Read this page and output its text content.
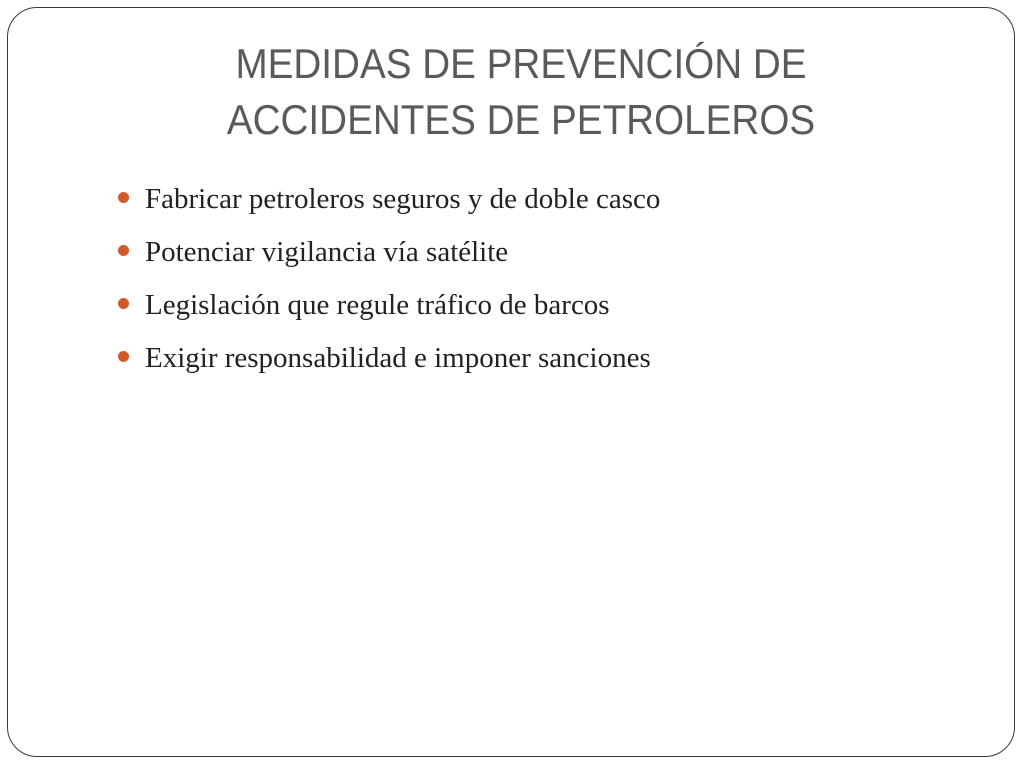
MEDIDAS DE PREVENCIÓN DE
ACCIDENTES DE PETROLEROS
Fabricar petroleros seguros y de doble casco
Potenciar vigilancia vía satélite
Legislación que regule tráfico de barcos
Exigir responsabilidad e imponer sanciones
